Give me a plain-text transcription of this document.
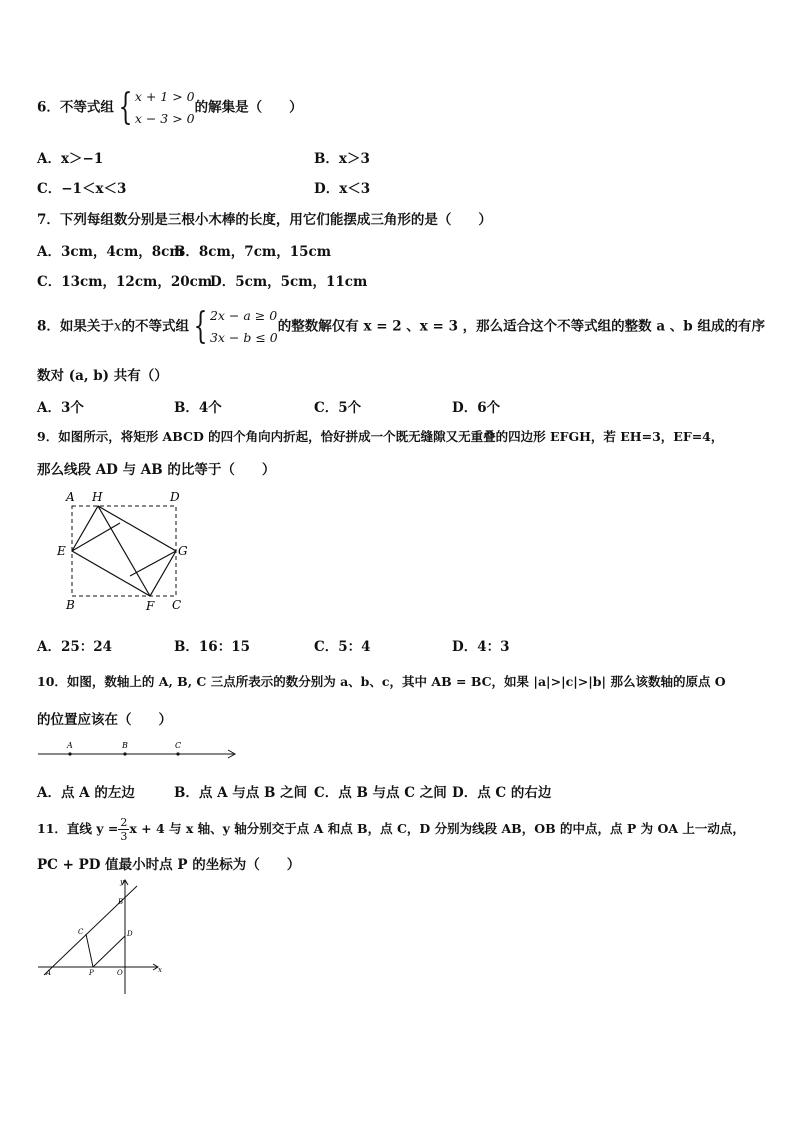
6．不等式组 { x + 1 > 0
x − 3 > 0
的解集是（　　）
A．x＞−1	B．x＞3
C．−1＜x＜3	D．x＜3
7．下列每组数分别是三根小木棒的长度，用它们能摆成三角形的是（　　）
A．3cm，4cm，8cm
B．8cm，7cm，15cm
C．13cm，12cm，20cm
D．5cm，5cm，11cm
8．如果关于x的不等式组 { 2x − a ≥ 0
3x − b ≤ 0
的整数解仅有 x = 2 、x = 3 ，那么适合这个不等式组的整数 a 、b 组成的有序
数对 (a, b) 共有（）
A．3个	B．4个	C．5个	D．6个
9．如图所示，将矩形 ABCD 的四个角向内折起，恰好拼成一个既无缝隙又无重叠的四边形 EFGH，若 EH=3，EF=4，
那么线段 AD 与 AB 的比等于（　　）
A H	D
E	G
B	F C
A．25：24	B．16：15	C．5：4	D．4：3
10．如图，数轴上的 A, B, C 三点所表示的数分别为 a、b、c，其中 AB = BC，如果 |a|>|c|>|b| 那么该数轴的原点 O
的位置应该在（　　）
A	B	C
A．点 A 的左边	B．点 A 与点 B 之间 C．点 B 与点 C 之间 D．点 C 的右边
11．直线 $y = \frac{2}{3}$ x + 4 与 x 轴、y 轴分别交于点 A 和点 B，点 C，D 分别为线段 AB，OB 的中点，点 P 为 OA 上一动点，
PC + PD 值最小时点 P 的坐标为（　　）
y
x
B
C	D
A	P	O
